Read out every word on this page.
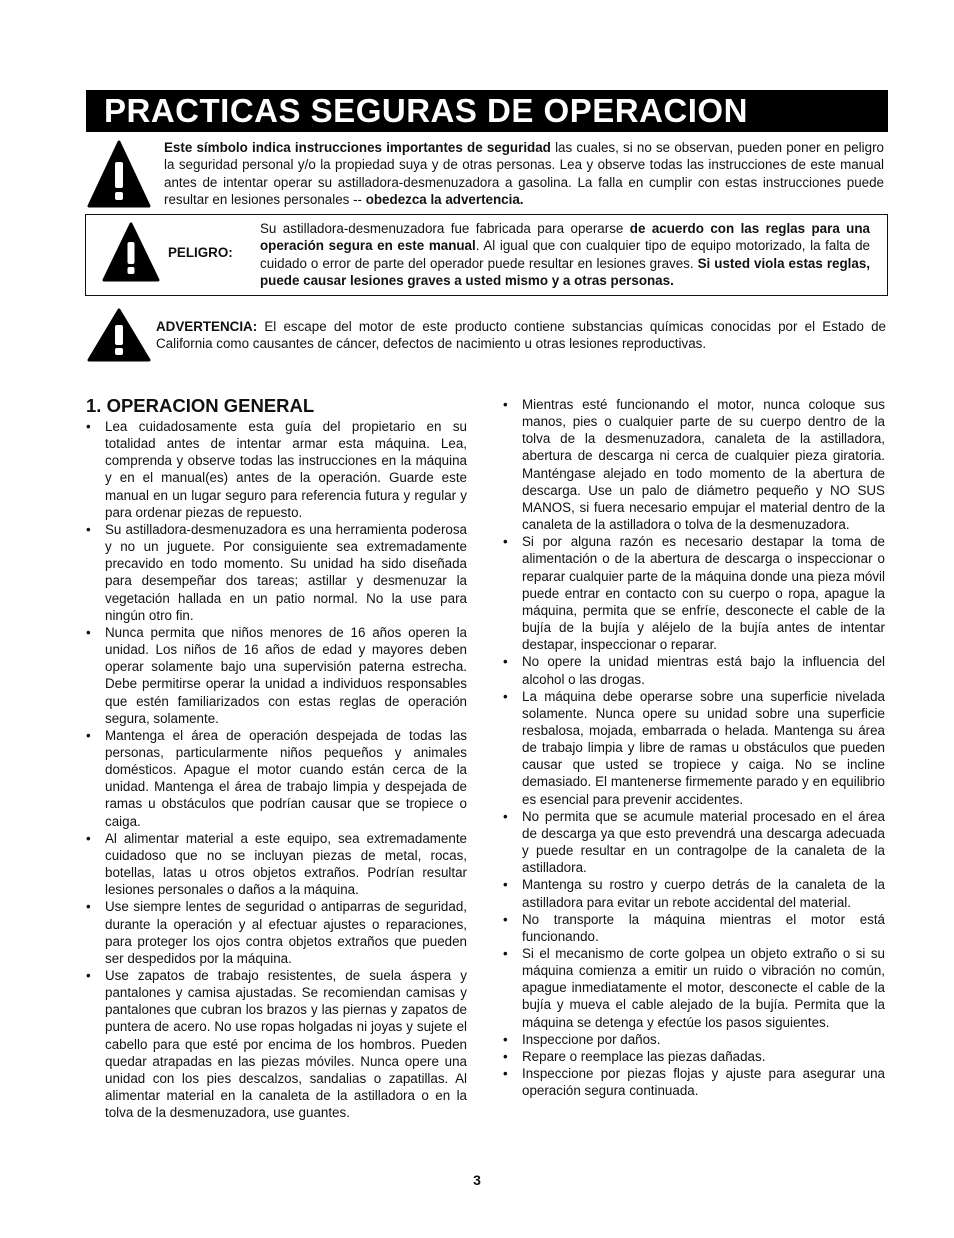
PRACTICAS SEGURAS DE OPERACION

Este símbolo indica instrucciones importantes de seguridad las cuales, si no se observan, pueden poner en peligro la seguridad personal y/o la propiedad suya y de otras personas. Lea y observe todas las instrucciones de este manual antes de intentar operar su astilladora-desmenuzadora a gasolina. La falla en cumplir con estas instrucciones puede resultar en lesiones personales -- obedezca la advertencia.

PELIGRO:

Su astilladora-desmenuzadora fue fabricada para operarse de acuerdo con las reglas para una operación segura en este manual. Al igual que con cualquier tipo de equipo motorizado, la falta de cuidado o error de parte del operador puede resultar en lesiones graves. Si usted viola estas reglas, puede causar lesiones graves a usted mismo y a otras personas.

ADVERTENCIA: El escape del motor de este producto contiene substancias químicas conocidas por el Estado de California como causantes de cáncer, defectos de nacimiento u otras lesiones reproductivas.

1. OPERACION GENERAL
• Lea cuidadosamente esta guía del propietario en su totalidad antes de intentar armar esta máquina. Lea, comprenda y observe todas las instrucciones en la máquina y en el manual(es) antes de la operación. Guarde este manual en un lugar seguro para referencia futura y regular y para ordenar piezas de repuesto.
• Su astilladora-desmenuzadora es una herramienta poderosa y no un juguete. Por consiguiente sea extremadamente precavido en todo momento. Su unidad ha sido diseñada para desempeñar dos tareas; astillar y desmenuzar la vegetación hallada en un patio normal. No la use para ningún otro fin.
• Nunca permita que niños menores de 16 años operen la unidad. Los niños de 16 años de edad y mayores deben operar solamente bajo una supervisión paterna estrecha. Debe permitirse operar la unidad a individuos responsables que estén familiarizados con estas reglas de operación segura, solamente.
• Mantenga el área de operación despejada de todas las personas, particularmente niños pequeños y animales domésticos. Apague el motor cuando están cerca de la unidad. Mantenga el área de trabajo limpia y despejada de ramas u obstáculos que podrían causar que se tropiece o caiga.
• Al alimentar material a este equipo, sea extremadamente cuidadoso que no se incluyan piezas de metal, rocas, botellas, latas u otros objetos extraños. Podrían resultar lesiones personales o daños a la máquina.
• Use siempre lentes de seguridad o antiparras de seguridad, durante la operación y al efectuar ajustes o reparaciones, para proteger los ojos contra objetos extraños que pueden ser despedidos por la máquina.
• Use zapatos de trabajo resistentes, de suela áspera y pantalones y camisa ajustadas. Se recomiendan camisas y pantalones que cubran los brazos y las piernas y zapatos de puntera de acero. No use ropas holgadas ni joyas y sujete el cabello para que esté por encima de los hombros. Pueden quedar atrapadas en las piezas móviles. Nunca opere una unidad con los pies descalzos, sandalias o zapatillas. Al alimentar material en la canaleta de la astilladora o en la tolva de la desmenuzadora, use guantes.
• Mientras esté funcionando el motor, nunca coloque sus manos, pies o cualquier parte de su cuerpo dentro de la tolva de la desmenuzadora, canaleta de la astilladora, abertura de descarga ni cerca de cualquier pieza giratoria. Manténgase alejado en todo momento de la abertura de descarga. Use un palo de diámetro pequeño y NO SUS MANOS, si fuera necesario empujar el material dentro de la canaleta de la astilladora o tolva de la desmenuzadora.
• Si por alguna razón es necesario destapar la toma de alimentación o de la abertura de descarga o inspeccionar o reparar cualquier parte de la máquina donde una pieza móvil puede entrar en contacto con su cuerpo o ropa, apague la máquina, permita que se enfríe, desconecte el cable de la bujía de la bujía y aléjelo de la bujía antes de intentar destapar, inspeccionar o reparar.
• No opere la unidad mientras está bajo la influencia del alcohol o las drogas.
• La máquina debe operarse sobre una superficie nivelada solamente. Nunca opere su unidad sobre una superficie resbalosa, mojada, embarrada o helada. Mantenga su área de trabajo limpia y libre de ramas u obstáculos que pueden causar que usted se tropiece y caiga. No se incline demasiado. El mantenerse firmemente parado y en equilibrio es esencial para prevenir accidentes.
• No permita que se acumule material procesado en el área de descarga ya que esto prevendrá una descarga adecuada y puede resultar en un contragolpe de la canaleta de la astilladora.
• Mantenga su rostro y cuerpo detrás de la canaleta de la astilladora para evitar un rebote accidental del material.
• No transporte la máquina mientras el motor está funcionando.
• Si el mecanismo de corte golpea un objeto extraño o si su máquina comienza a emitir un ruido o vibración no común, apague inmediatamente el motor, desconecte el cable de la bujía y mueva el cable alejado de la bujía. Permita que la máquina se detenga y efectúe los pasos siguientes.
• Inspeccione por daños.
• Repare o reemplace las piezas dañadas.
• Inspeccione por piezas flojas y ajuste para asegurar una operación segura continuada.
3
